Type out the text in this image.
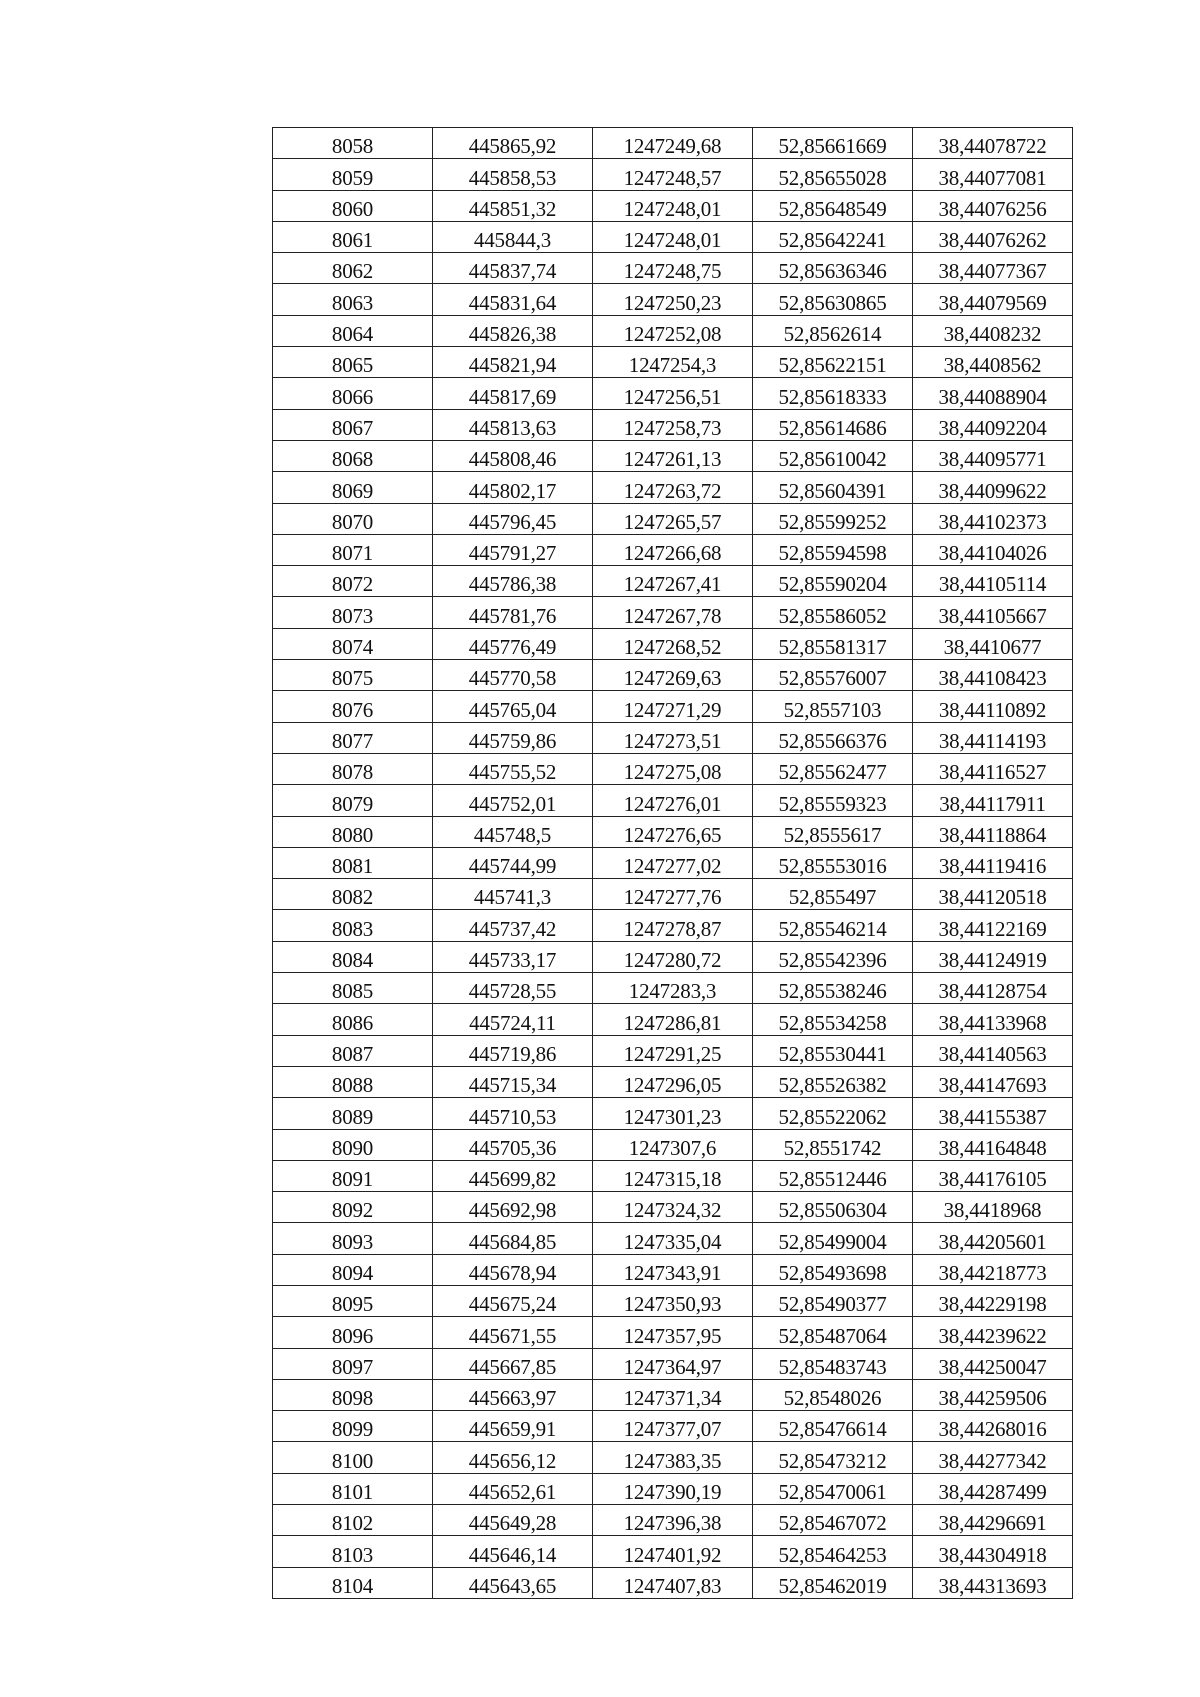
8058	445865,92	1247249,68	52,85661669	38,44078722
8059	445858,53	1247248,57	52,85655028	38,44077081
8060	445851,32	1247248,01	52,85648549	38,44076256
8061	445844,3	1247248,01	52,85642241	38,44076262
8062	445837,74	1247248,75	52,85636346	38,44077367
8063	445831,64	1247250,23	52,85630865	38,44079569
8064	445826,38	1247252,08	52,8562614	38,4408232
8065	445821,94	1247254,3	52,85622151	38,4408562
8066	445817,69	1247256,51	52,85618333	38,44088904
8067	445813,63	1247258,73	52,85614686	38,44092204
8068	445808,46	1247261,13	52,85610042	38,44095771
8069	445802,17	1247263,72	52,85604391	38,44099622
8070	445796,45	1247265,57	52,85599252	38,44102373
8071	445791,27	1247266,68	52,85594598	38,44104026
8072	445786,38	1247267,41	52,85590204	38,44105114
8073	445781,76	1247267,78	52,85586052	38,44105667
8074	445776,49	1247268,52	52,85581317	38,4410677
8075	445770,58	1247269,63	52,85576007	38,44108423
8076	445765,04	1247271,29	52,8557103	38,44110892
8077	445759,86	1247273,51	52,85566376	38,44114193
8078	445755,52	1247275,08	52,85562477	38,44116527
8079	445752,01	1247276,01	52,85559323	38,44117911
8080	445748,5	1247276,65	52,8555617	38,44118864
8081	445744,99	1247277,02	52,85553016	38,44119416
8082	445741,3	1247277,76	52,855497	38,44120518
8083	445737,42	1247278,87	52,85546214	38,44122169
8084	445733,17	1247280,72	52,85542396	38,44124919
8085	445728,55	1247283,3	52,85538246	38,44128754
8086	445724,11	1247286,81	52,85534258	38,44133968
8087	445719,86	1247291,25	52,85530441	38,44140563
8088	445715,34	1247296,05	52,85526382	38,44147693
8089	445710,53	1247301,23	52,85522062	38,44155387
8090	445705,36	1247307,6	52,8551742	38,44164848
8091	445699,82	1247315,18	52,85512446	38,44176105
8092	445692,98	1247324,32	52,85506304	38,4418968
8093	445684,85	1247335,04	52,85499004	38,44205601
8094	445678,94	1247343,91	52,85493698	38,44218773
8095	445675,24	1247350,93	52,85490377	38,44229198
8096	445671,55	1247357,95	52,85487064	38,44239622
8097	445667,85	1247364,97	52,85483743	38,44250047
8098	445663,97	1247371,34	52,8548026	38,44259506
8099	445659,91	1247377,07	52,85476614	38,44268016
8100	445656,12	1247383,35	52,85473212	38,44277342
8101	445652,61	1247390,19	52,85470061	38,44287499
8102	445649,28	1247396,38	52,85467072	38,44296691
8103	445646,14	1247401,92	52,85464253	38,44304918
8104	445643,65	1247407,83	52,85462019	38,44313693
